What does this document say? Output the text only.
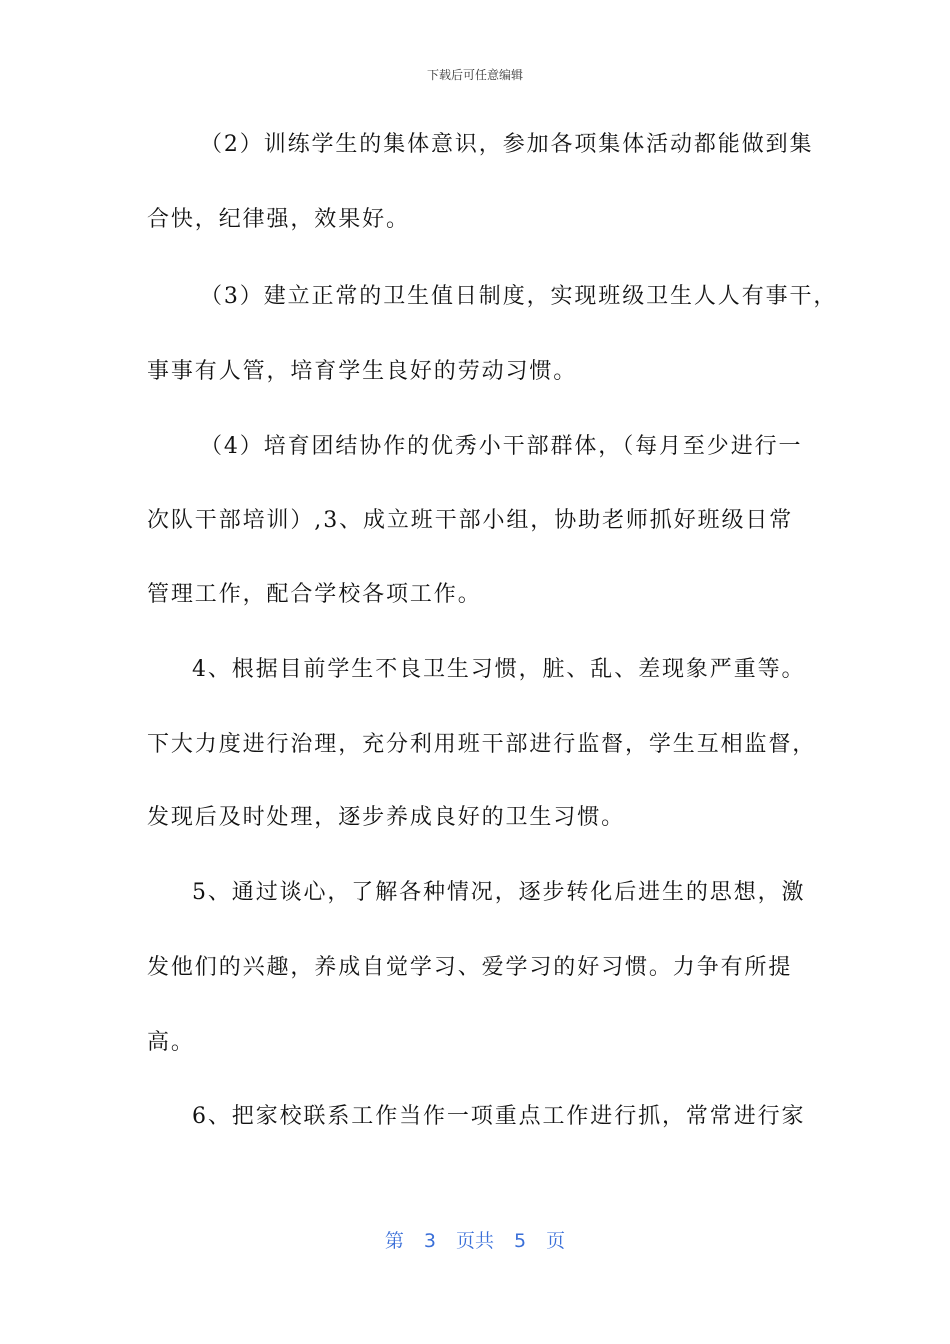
下载后可任意编辑
（2）训练学生的集体意识，参加各项集体活动都能做到集
合快，纪律强，效果好。
（3）建立正常的卫生值日制度，实现班级卫生人人有事干，
事事有人管，培育学生良好的劳动习惯。
（4）培育团结协作的优秀小干部群体，（每月至少进行一
次队干部培训）,3、成立班干部小组，协助老师抓好班级日常
管理工作，配合学校各项工作。
4、根据目前学生不良卫生习惯，脏、乱、差现象严重等。
下大力度进行治理，充分利用班干部进行监督，学生互相监督，
发现后及时处理，逐步养成良好的卫生习惯。
5、通过谈心，了解各种情况，逐步转化后进生的思想，激
发他们的兴趣，养成自觉学习、爱学习的好习惯。力争有所提
高。
6、把家校联系工作当作一项重点工作进行抓，常常进行家
第 3 页共 5 页
